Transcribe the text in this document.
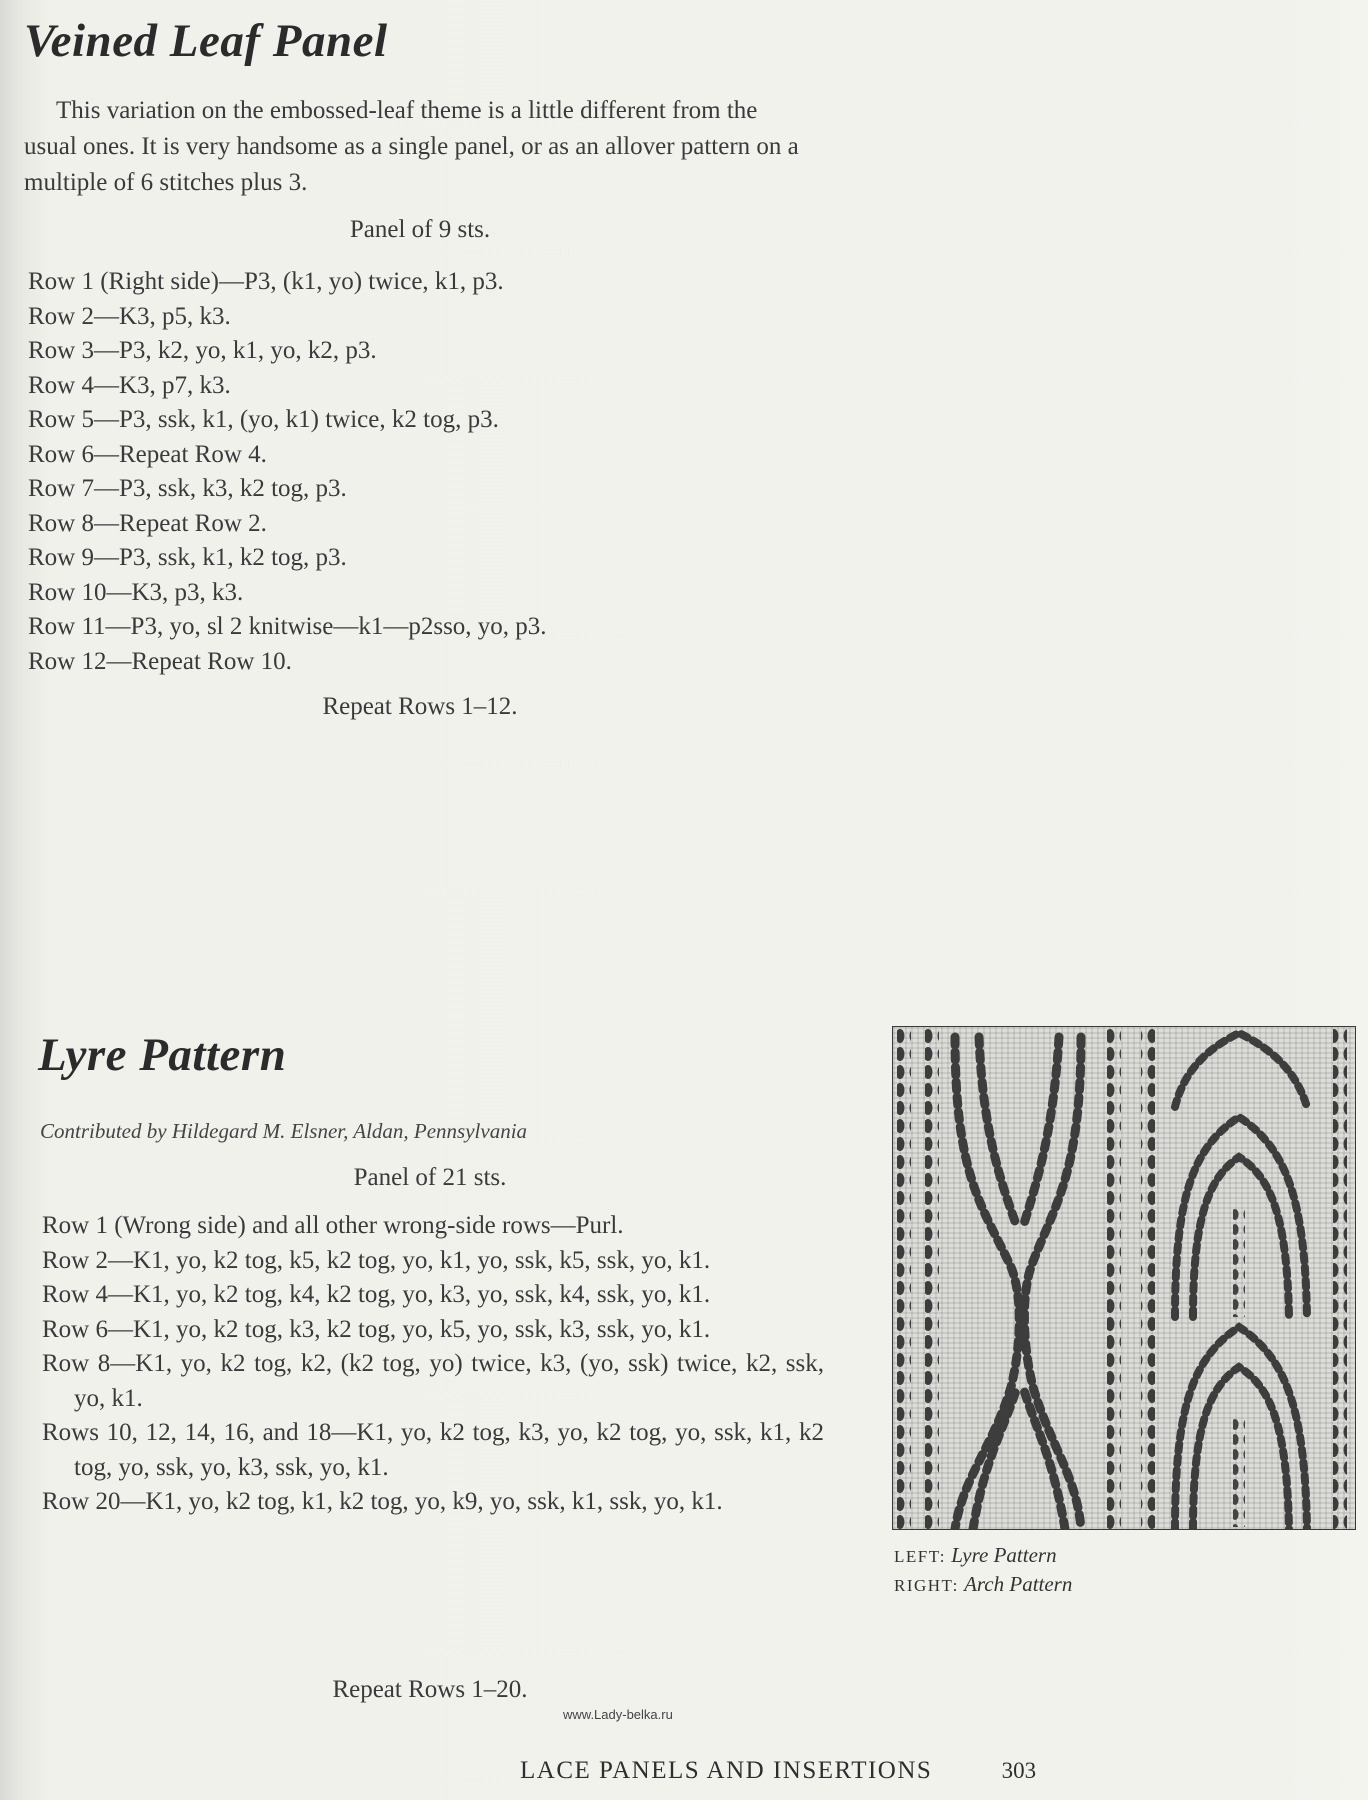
Veined Leaf Panel

This variation on the embossed-leaf theme is a little different from the usual ones. It is very handsome as a single panel, or as an allover pattern on a multiple of 6 stitches plus 3.

Panel of 9 sts.
Row 1 (Right side)—P3, (k1, yo) twice, k1, p3.
Row 2—K3, p5, k3.
Row 3—P3, k2, yo, k1, yo, k2, p3.
Row 4—K3, p7, k3.
Row 5—P3, ssk, k1, (yo, k1) twice, k2 tog, p3.
Row 6—Repeat Row 4.
Row 7—P3, ssk, k3, k2 tog, p3.
Row 8—Repeat Row 2.
Row 9—P3, ssk, k1, k2 tog, p3.
Row 10—K3, p3, k3.
Row 11—P3, yo, sl 2 knitwise—k1—p2sso, yo, p3.
Row 12—Repeat Row 10.
Repeat Rows 1–12.
Lyre Pattern
Contributed by Hildegard M. Elsner, Aldan, Pennsylvania
Panel of 21 sts.
Row 1 (Wrong side) and all other wrong-side rows—Purl.
Row 2—K1, yo, k2 tog, k5, k2 tog, yo, k1, yo, ssk, k5, ssk, yo, k1.
Row 4—K1, yo, k2 tog, k4, k2 tog, yo, k3, yo, ssk, k4, ssk, yo, k1.
Row 6—K1, yo, k2 tog, k3, k2 tog, yo, k5, yo, ssk, k3, ssk, yo, k1.
Row 8—K1, yo, k2 tog, k2, (k2 tog, yo) twice, k3, (yo, ssk) twice, k2, ssk, yo, k1.
Rows 10, 12, 14, 16, and 18—K1, yo, k2 tog, k3, yo, k2 tog, yo, ssk, k1, k2 tog, yo, ssk, yo, k3, ssk, yo, k1.
Row 20—K1, yo, k2 tog, k1, k2 tog, yo, k9, yo, ssk, k1, ssk, yo, k1.
Repeat Rows 1–20.
LEFT: Lyre Pattern
RIGHT: Arch Pattern
www.Lady-belka.ru
LACE PANELS AND INSERTIONS	303
